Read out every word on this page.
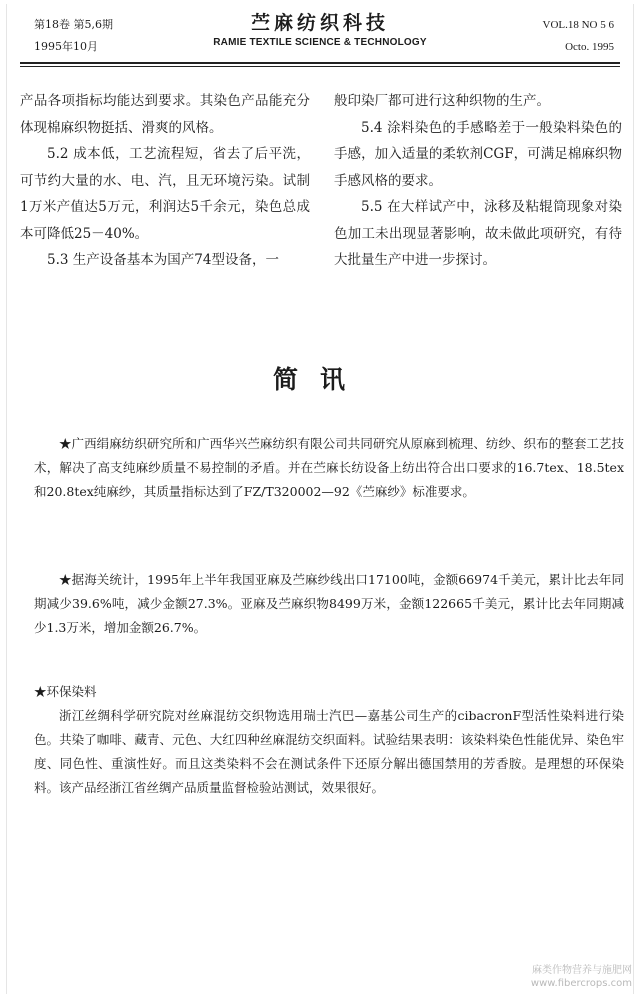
第18卷 第5,6期
1995年10月
苎麻纺织科技
RAMIE TEXTILE SCIENCE & TECHNOLOGY
VOL.18 NO 5 6
Octo. 1995

产品各项指标均能达到要求。其染色产品能充分体现棉麻织物挺括、滑爽的风格。

5.2 成本低，工艺流程短，省去了后平洗，可节约大量的水、电、汽，且无环境污染。试制1万米产值达5万元，利润达5千余元，染色总成本可降低25－40%。

5.3 生产设备基本为国产74型设备，一

般印染厂都可进行这种织物的生产。

5.4 涂料染色的手感略差于一般染料染色的手感，加入适量的柔软剂CGF，可满足棉麻织物手感风格的要求。

5.5 在大样试产中，泳移及粘辊筒现象对染色加工未出现显著影响，故未做此项研究，有待大批量生产中进一步探讨。

简讯

★广西绢麻纺织研究所和广西华兴苎麻纺织有限公司共同研究从原麻到梳理、纺纱、织布的整套工艺技术，解决了高支纯麻纱质量不易控制的矛盾。并在苎麻长纺设备上纺出符合出口要求的16.7tex、18.5tex和20.8tex纯麻纱，其质量指标达到了FZ/T320002—92《苎麻纱》标准要求。

★据海关统计，1995年上半年我国亚麻及苎麻纱线出口17100吨，金额66974千美元，累计比去年同期减少39.6%吨，减少金额27.3%。亚麻及苎麻织物8499万米，金额122665千美元，累计比去年同期减少1.3万米，增加金额26.7%。

★环保染料

浙江丝绸科学研究院对丝麻混纺交织物选用瑞士汽巴—嘉基公司生产的cibacronF型活性染料进行染色。共染了咖啡、藏青、元色、大红四种丝麻混纺交织面料。试验结果表明：该染料染色性能优异、染色牢度、同色性、重演性好。而且这类染料不会在测试条件下还原分解出德国禁用的芳香胺。是理想的环保染料。该产品经浙江省丝绸产品质量监督检验站测试，效果很好。

麻类作物营养与施肥网
www.fibercrops.com
